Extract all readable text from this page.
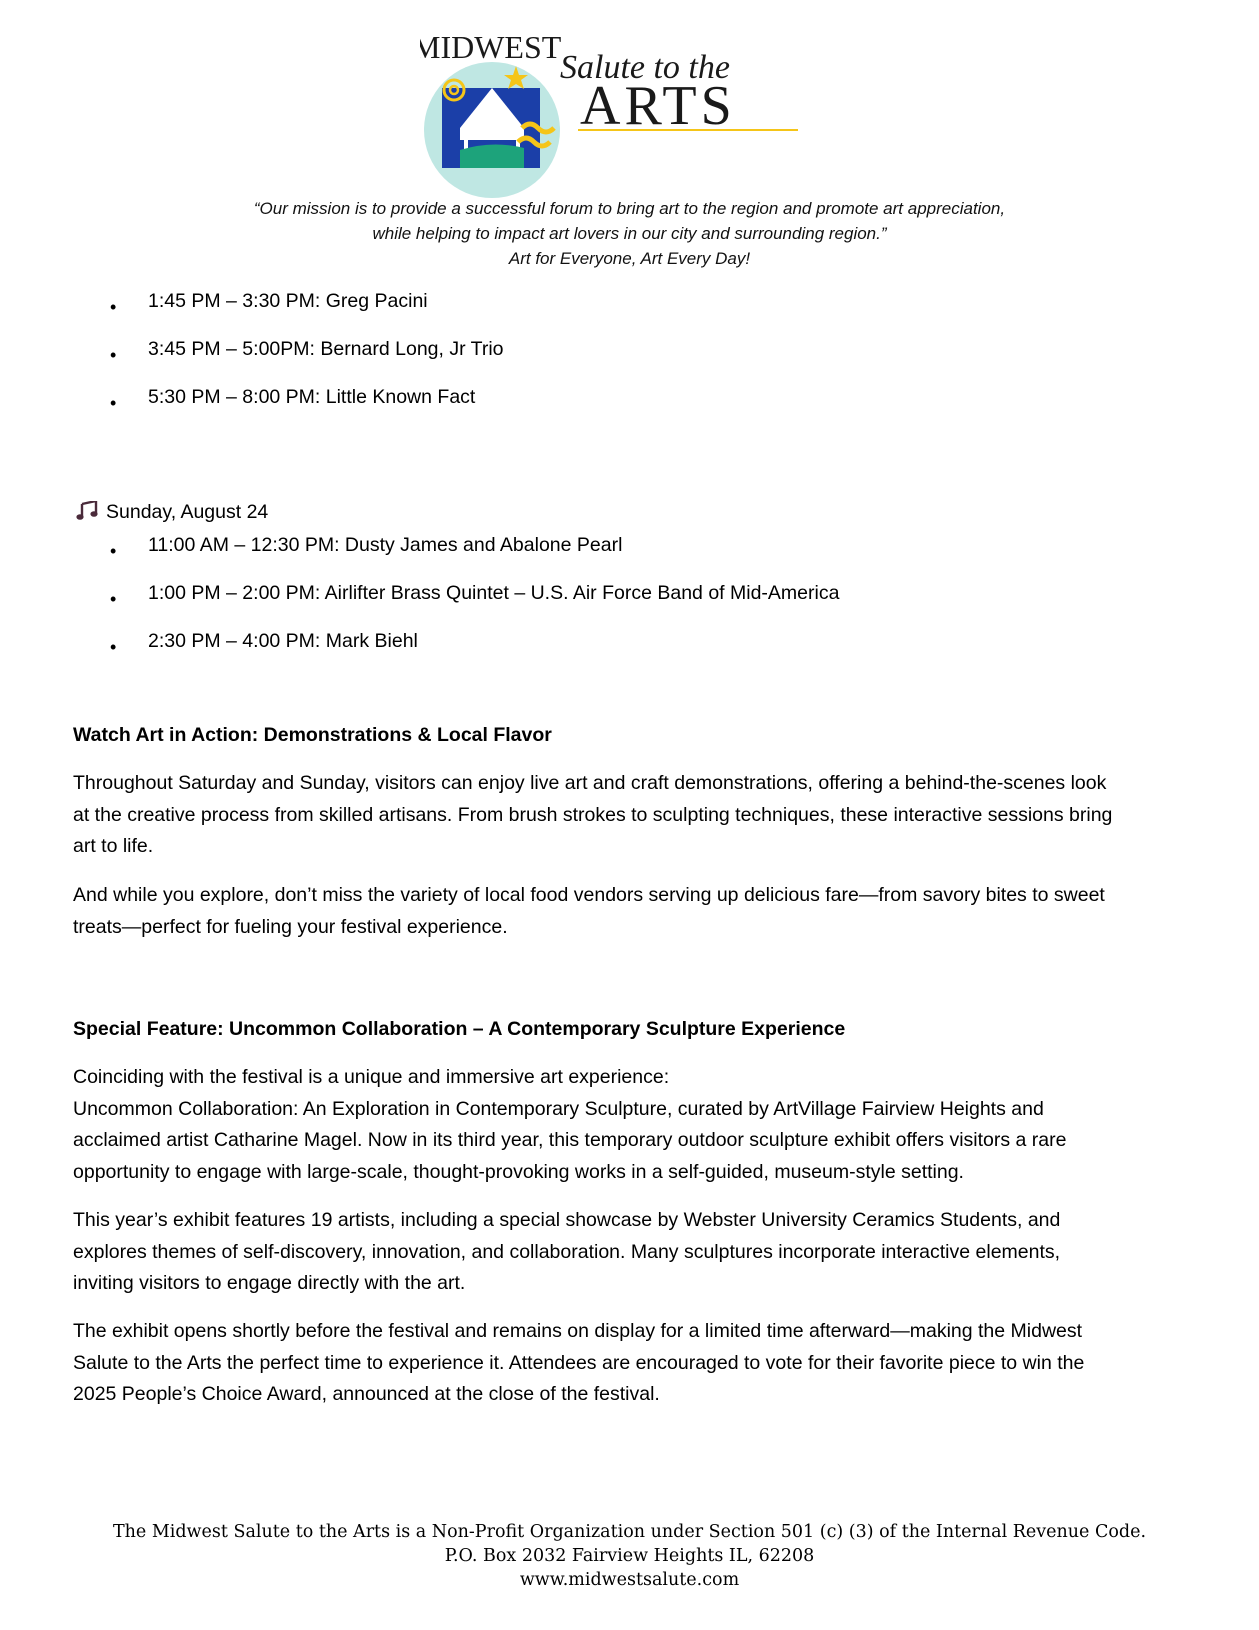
MIDWEST
Salute to the
ARTS
“Our mission is to provide a successful forum to bring art to the region and promote art appreciation,
while helping to impact art lovers in our city and surrounding region.”
Art for Everyone, Art Every Day!
• 1:45 PM – 3:30 PM: Greg Pacini
• 3:45 PM – 5:00PM: Bernard Long, Jr Trio
• 5:30 PM – 8:00 PM: Little Known Fact
Sunday, August 24
• 11:00 AM – 12:30 PM: Dusty James and Abalone Pearl
• 1:00 PM – 2:00 PM: Airlifter Brass Quintet – U.S. Air Force Band of Mid-America
• 2:30 PM – 4:00 PM: Mark Biehl
Watch Art in Action: Demonstrations & Local Flavor
Throughout Saturday and Sunday, visitors can enjoy live art and craft demonstrations, offering a behind-the-scenes look
at the creative process from skilled artisans. From brush strokes to sculpting techniques, these interactive sessions bring
art to life.
And while you explore, don’t miss the variety of local food vendors serving up delicious fare—from savory bites to sweet
treats—perfect for fueling your festival experience.
Special Feature: Uncommon Collaboration – A Contemporary Sculpture Experience
Coinciding with the festival is a unique and immersive art experience:
Uncommon Collaboration: An Exploration in Contemporary Sculpture, curated by ArtVillage Fairview Heights and
acclaimed artist Catharine Magel. Now in its third year, this temporary outdoor sculpture exhibit offers visitors a rare
opportunity to engage with large-scale, thought-provoking works in a self-guided, museum-style setting.
This year’s exhibit features 19 artists, including a special showcase by Webster University Ceramics Students, and
explores themes of self-discovery, innovation, and collaboration. Many sculptures incorporate interactive elements,
inviting visitors to engage directly with the art.
The exhibit opens shortly before the festival and remains on display for a limited time afterward—making the Midwest
Salute to the Arts the perfect time to experience it. Attendees are encouraged to vote for their favorite piece to win the
2025 People’s Choice Award, announced at the close of the festival.
The Midwest Salute to the Arts is a Non-Profit Organization under Section 501 (c) (3) of the Internal Revenue Code.
P.O. Box 2032 Fairview Heights IL, 62208
www.midwestsalute.com
